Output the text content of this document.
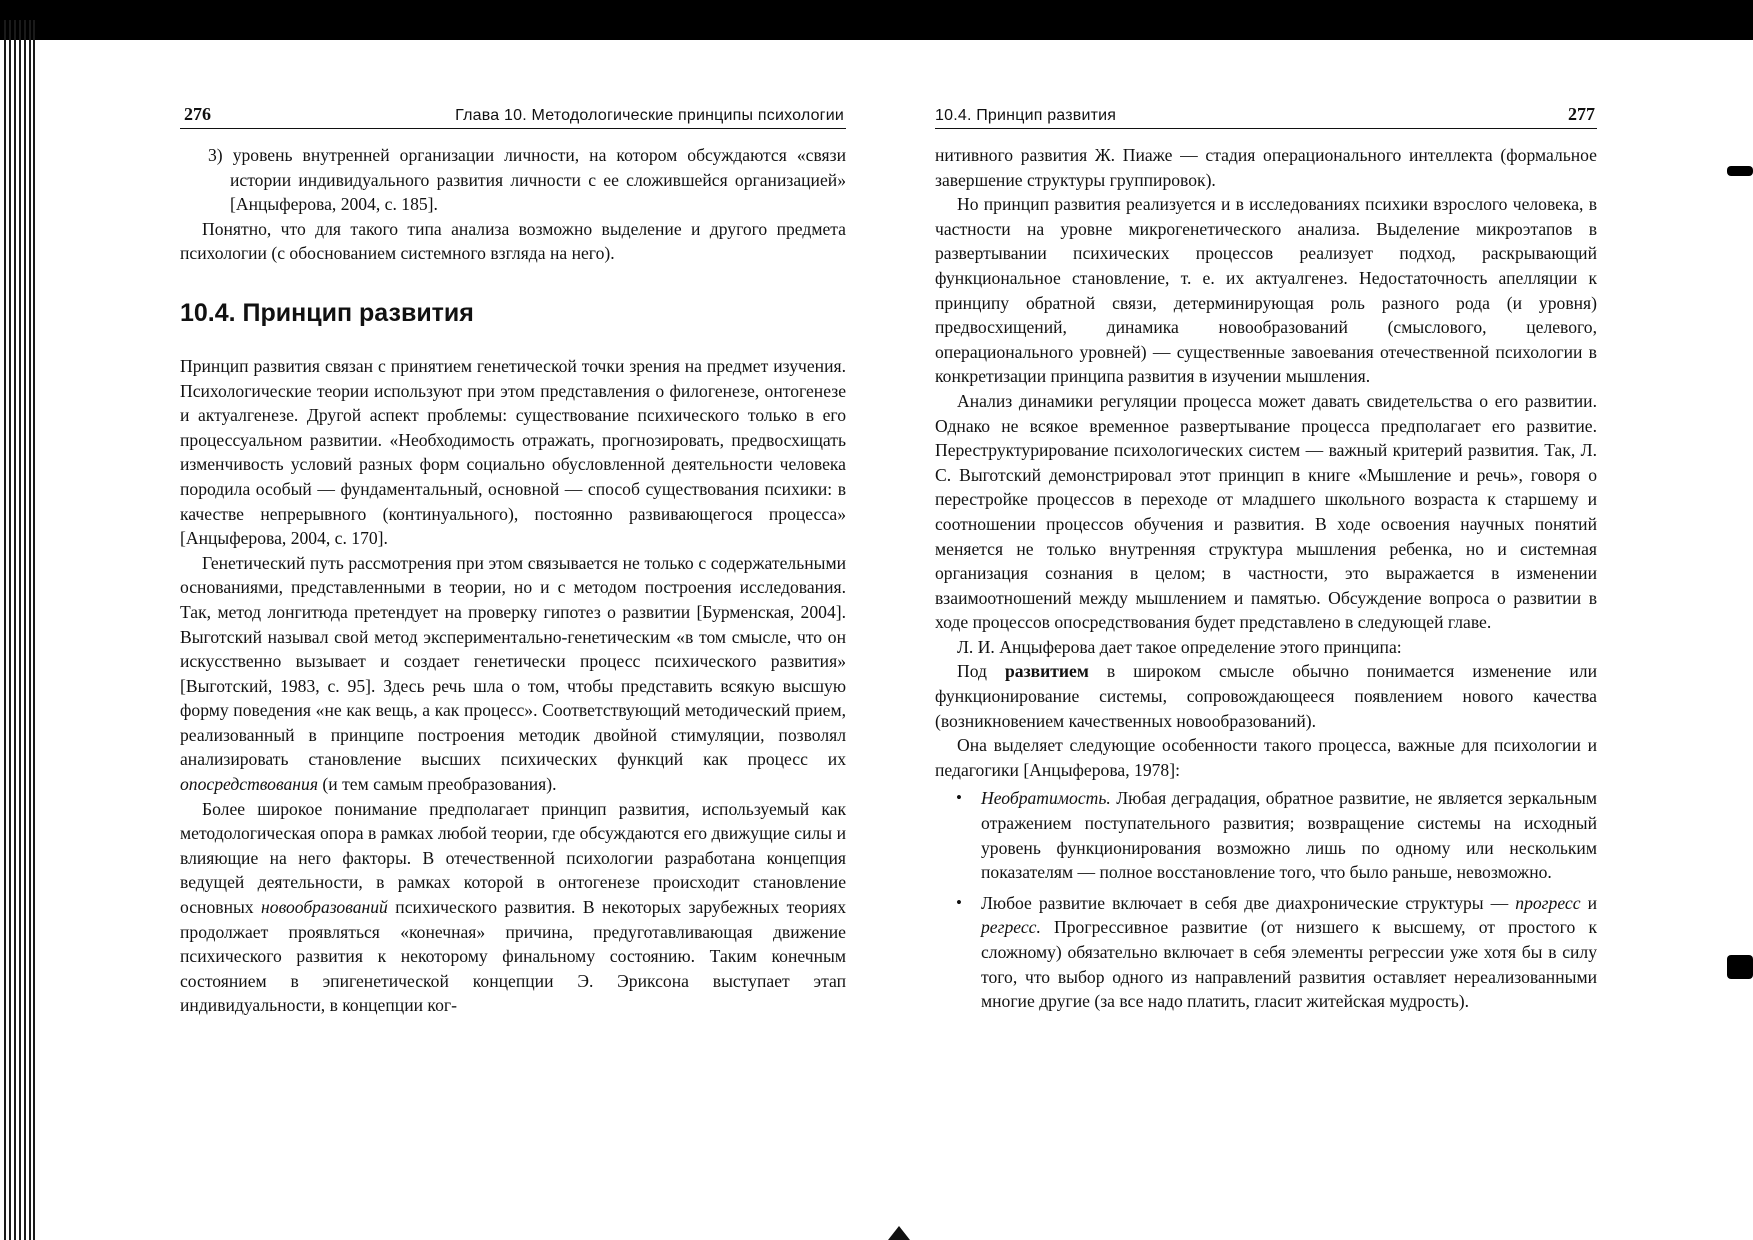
276	Глава 10. Методологические принципы психологии

3) уровень внутренней организации личности, на котором обсуждаются «связи истории индивидуального развития личности с ее сложившейся организацией» [Анцыферова, 2004, с. 185].

Понятно, что для такого типа анализа возможно выделение и другого предмета психологии (с обоснованием системного взгляда на него).

10.4. Принцип развития

Принцип развития связан с принятием генетической точки зрения на предмет изучения. Психологические теории используют при этом представления о филогенезе, онтогенезе и актуалгенезе. Другой аспект проблемы: существование психического только в его процессуальном развитии. «Необходимость отражать, прогнозировать, предвосхищать изменчивость условий разных форм социально обусловленной деятельности человека породила особый — фундаментальный, основной — способ существования психики: в качестве непрерывного (континуального), постоянно развивающегося процесса» [Анцыферова, 2004, с. 170].

Генетический путь рассмотрения при этом связывается не только с содержательными основаниями, представленными в теории, но и с методом построения исследования. Так, метод лонгитюда претендует на проверку гипотез о развитии [Бурменская, 2004]. Выготский называл свой метод экспериментально-генетическим «в том смысле, что он искусственно вызывает и создает генетически процесс психического развития» [Выготский, 1983, с. 95]. Здесь речь шла о том, чтобы представить всякую высшую форму поведения «не как вещь, а как процесс». Соответствующий методический прием, реализованный в принципе построения методик двойной стимуляции, позволял анализировать становление высших психических функций как процесс их опосредствования (и тем самым преобразования).

Более широкое понимание предполагает принцип развития, используемый как методологическая опора в рамках любой теории, где обсуждаются его движущие силы и влияющие на него факторы. В отечественной психологии разработана концепция ведущей деятельности, в рамках которой в онтогенезе происходит становление основных новообразований психического развития. В некоторых зарубежных теориях продолжает проявляться «конечная» причина, предуготавливающая движение психического развития к некоторому финальному состоянию. Таким конечным состоянием в эпигенетической концепции Э. Эриксона выступает этап индивидуальности, в концепции ког-

10.4. Принцип развития	277

нитивного развития Ж. Пиаже — стадия операционального интеллекта (формальное завершение структуры группировок).

Но принцип развития реализуется и в исследованиях психики взрослого человека, в частности на уровне микрогенетического анализа. Выделение микроэтапов в развертывании психических процессов реализует подход, раскрывающий функциональное становление, т. е. их актуалгенез. Недостаточность апелляции к принципу обратной связи, детерминирующая роль разного рода (и уровня) предвосхищений, динамика новообразований (смыслового, целевого, операционального уровней) — существенные завоевания отечественной психологии в конкретизации принципа развития в изучении мышления.

Анализ динамики регуляции процесса может давать свидетельства о его развитии. Однако не всякое временное развертывание процесса предполагает его развитие. Переструктурирование психологических систем — важный критерий развития. Так, Л. С. Выготский демонстрировал этот принцип в книге «Мышление и речь», говоря о перестройке процессов в переходе от младшего школьного возраста к старшему и соотношении процессов обучения и развития. В ходе освоения научных понятий меняется не только внутренняя структура мышления ребенка, но и системная организация сознания в целом; в частности, это выражается в изменении взаимоотношений между мышлением и памятью. Обсуждение вопроса о развитии в ходе процессов опосредствования будет представлено в следующей главе.

Л. И. Анцыферова дает такое определение этого принципа:

Под развитием в широком смысле обычно понимается изменение или функционирование системы, сопровождающееся появлением нового качества (возникновением качественных новообразований).

Она выделяет следующие особенности такого процесса, важные для психологии и педагогики [Анцыферова, 1978]:

• Необратимость. Любая деградация, обратное развитие, не является зеркальным отражением поступательного развития; возвращение системы на исходный уровень функционирования возможно лишь по одному или нескольким показателям — полное восстановление того, что было раньше, невозможно.
• Любое развитие включает в себя две диахронические структуры — прогресс и регресс. Прогрессивное развитие (от низшего к высшему, от простого к сложному) обязательно включает в себя элементы регрессии уже хотя бы в силу того, что выбор одного из направлений развития оставляет нереализованными многие другие (за все надо платить, гласит житейская мудрость).
